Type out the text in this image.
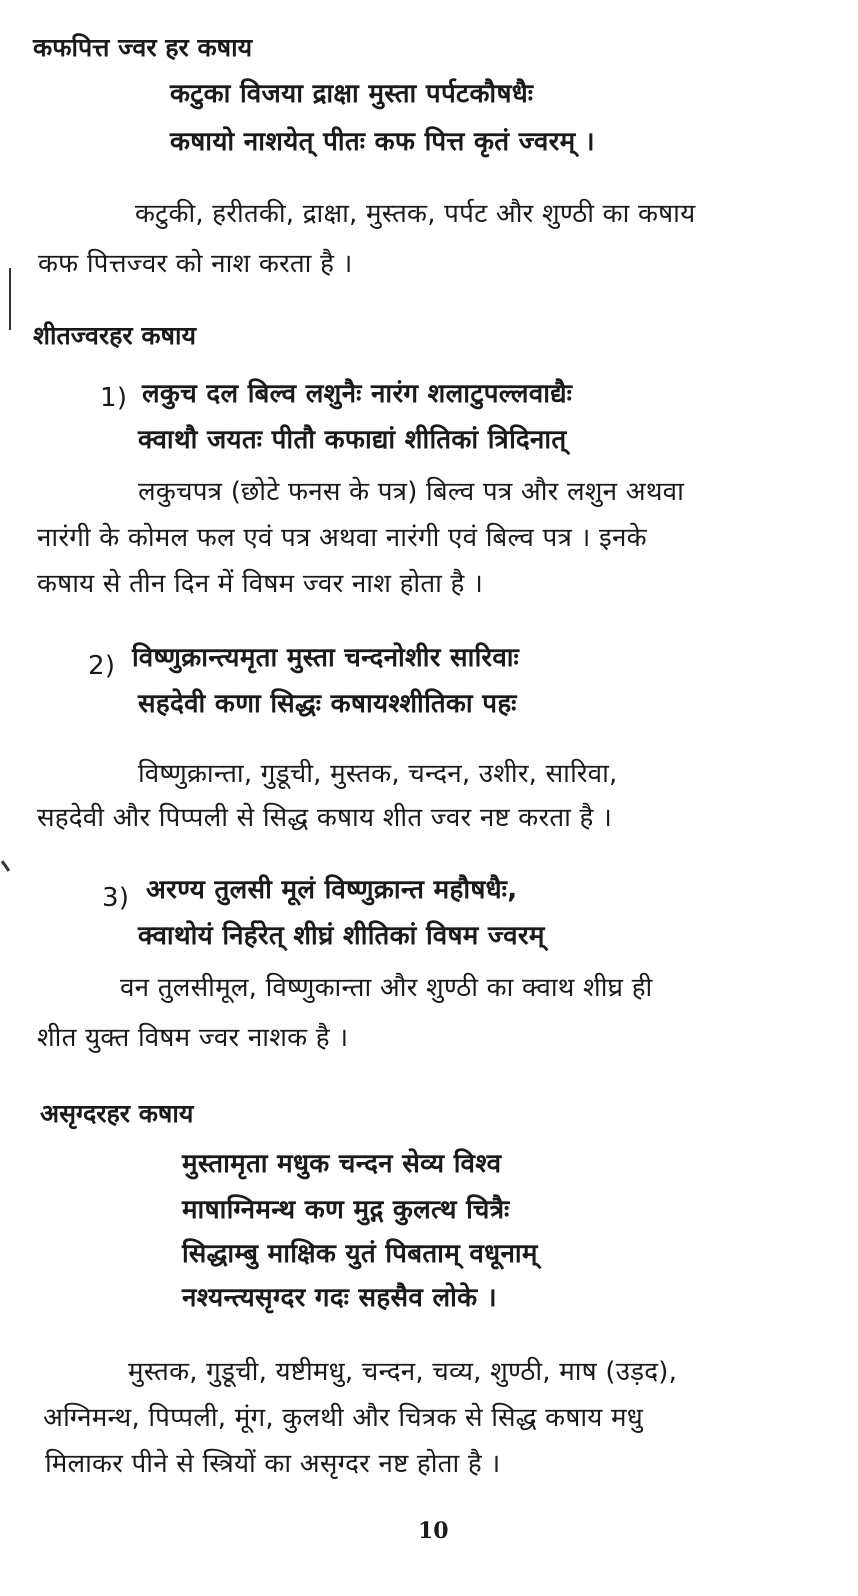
कफपित्त ज्वर हर कषाय
कटुका विजया द्राक्षा मुस्ता पर्पटकौषधैः
कषायो नाशयेत् पीतः कफ पित्त कृतं ज्वरम् ।
कटुकी, हरीतकी, द्राक्षा, मुस्तक, पर्पट और शुण्ठी का कषाय
कफ पित्तज्वर को नाश करता है ।
शीतज्वरहर कषाय
1) लकुच दल बिल्व लशुनैः नारंग शलाटुपल्लवाद्यैः
क्वाथौ जयतः पीतौ कफाद्यां शीतिकां त्रिदिनात्
लकुचपत्र (छोटे फनस के पत्र) बिल्व पत्र और लशुन अथवा
नारंगी के कोमल फल एवं पत्र अथवा नारंगी एवं बिल्व पत्र । इनके
कषाय से तीन दिन में विषम ज्वर नाश होता है ।
2) विष्णुक्रान्त्यमृता मुस्ता चन्दनोशीर सारिवाः
सहदेवी कणा सिद्धः कषायश्शीतिका पहः
विष्णुक्रान्ता, गुडूची, मुस्तक, चन्दन, उशीर, सारिवा,
सहदेवी और पिप्पली से सिद्ध कषाय शीत ज्वर नष्ट करता है ।
3) अरण्य तुलसी मूलं विष्णुक्रान्त महौषधैः,
क्वाथोयं निर्हरेत् शीघ्रं शीतिकां विषम ज्वरम्
वन तुलसीमूल, विष्णुकान्ता और शुण्ठी का क्वाथ शीघ्र ही
शीत युक्त विषम ज्वर नाशक है ।
असृग्दरहर कषाय
मुस्तामृता मधुक चन्दन सेव्य विश्व
माषाग्निमन्थ कण मुद्ग कुलत्थ चित्रैः
सिद्धाम्बु माक्षिक युतं पिबताम् वधूनाम्
नश्यन्त्यसृग्दर गदः सहसैव लोके ।
मुस्तक, गुडूची, यष्टीमधु, चन्दन, चव्य, शुण्ठी, माष (उड़द),
अग्निमन्थ, पिप्पली, मूंग, कुलथी और चित्रक से सिद्ध कषाय मधु
मिलाकर पीने से स्त्रियों का असृग्दर नष्ट होता है ।
10
